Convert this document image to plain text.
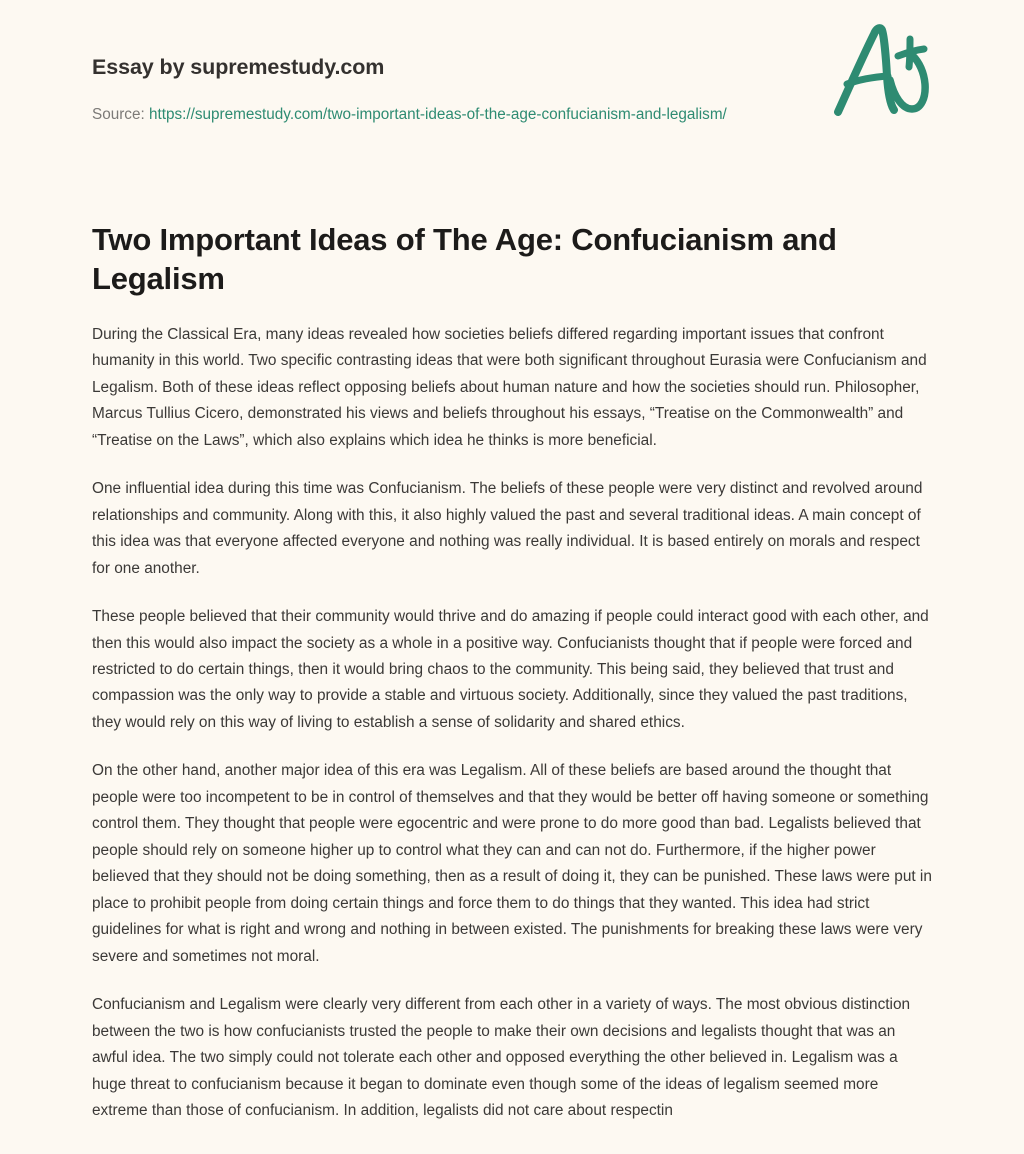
Essay by supremestudy.com
Source: https://supremestudy.com/two-important-ideas-of-the-age-confucianism-and-legalism/
Two Important Ideas of The Age: Confucianism and Legalism

During the Classical Era, many ideas revealed how societies beliefs differed regarding important issues that confront humanity in this world. Two specific contrasting ideas that were both significant throughout Eurasia were Confucianism and Legalism. Both of these ideas reflect opposing beliefs about human nature and how the societies should run. Philosopher, Marcus Tullius Cicero, demonstrated his views and beliefs throughout his essays, “Treatise on the Commonwealth” and “Treatise on the Laws”, which also explains which idea he thinks is more beneficial.

One influential idea during this time was Confucianism. The beliefs of these people were very distinct and revolved around relationships and community. Along with this, it also highly valued the past and several traditional ideas. A main concept of this idea was that everyone affected everyone and nothing was really individual. It is based entirely on morals and respect for one another.

These people believed that their community would thrive and do amazing if people could interact good with each other, and then this would also impact the society as a whole in a positive way. Confucianists thought that if people were forced and restricted to do certain things, then it would bring chaos to the community. This being said, they believed that trust and compassion was the only way to provide a stable and virtuous society. Additionally, since they valued the past traditions, they would rely on this way of living to establish a sense of solidarity and shared ethics.

On the other hand, another major idea of this era was Legalism. All of these beliefs are based around the thought that people were too incompetent to be in control of themselves and that they would be better off having someone or something control them. They thought that people were egocentric and were prone to do more good than bad. Legalists believed that people should rely on someone higher up to control what they can and can not do. Furthermore, if the higher power believed that they should not be doing something, then as a result of doing it, they can be punished. These laws were put in place to prohibit people from doing certain things and force them to do things that they wanted. This idea had strict guidelines for what is right and wrong and nothing in between existed. The punishments for breaking these laws were very severe and sometimes not moral.

Confucianism and Legalism were clearly very different from each other in a variety of ways. The most obvious distinction between the two is how confucianists trusted the people to make their own decisions and legalists thought that was an awful idea. The two simply could not tolerate each other and opposed everything the other believed in. Legalism was a huge threat to confucianism because it began to dominate even though some of the ideas of legalism seemed more extreme than those of confucianism. In addition, legalists did not care about respectin
